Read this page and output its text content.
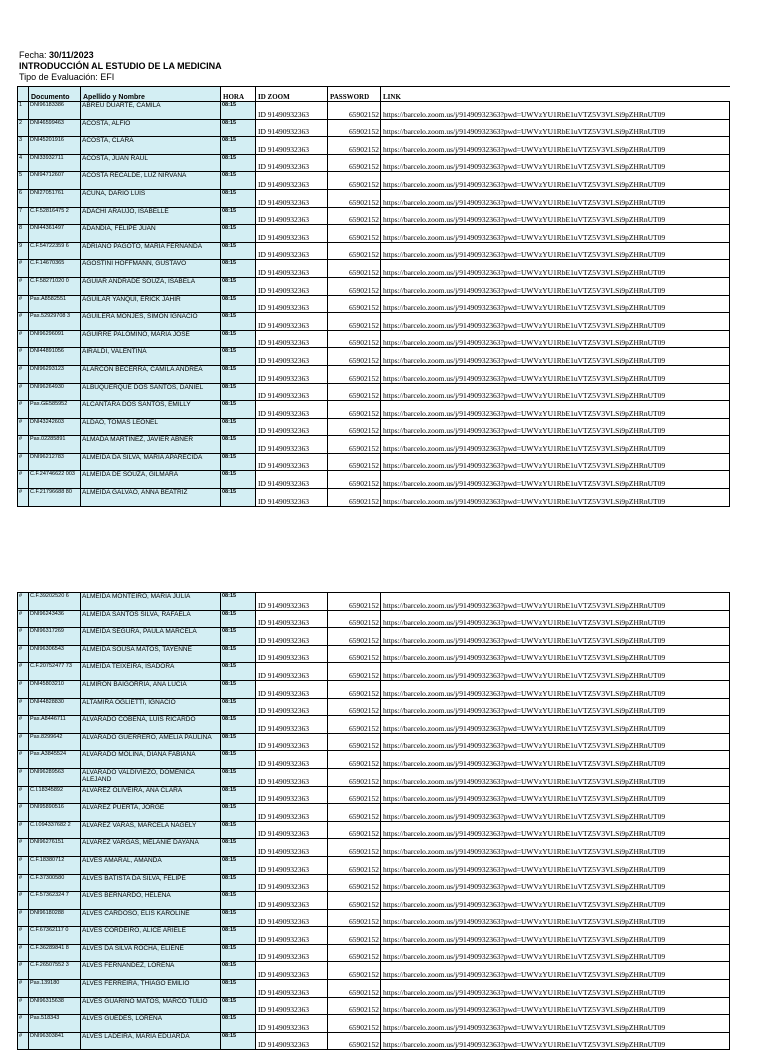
Fecha: 30/11/2023
INTRODUCCIÓN AL ESTUDIO DE LA MEDICINA
Tipo de Evaluación: EFI
	Documento	Apellido y Nombre	HORA	ID ZOOM	PASSWORD	LINK
1	DNI96183386	ABREU DUARTE, CAMILA	08:15	ID 91490932363	65902152	https://barcelo.zoom.us/j/91490932363?pwd=UWVzYU1RbE1uVTZ5V3VLSi9pZHRnUT09
2	DNI46599463	ACOSTA, ALFIO	08:15	ID 91490932363	65902152	https://barcelo.zoom.us/j/91490932363?pwd=UWVzYU1RbE1uVTZ5V3VLSi9pZHRnUT09
3	DNI45201916	ACOSTA, CLARA	08:15	ID 91490932363	65902152	https://barcelo.zoom.us/j/91490932363?pwd=UWVzYU1RbE1uVTZ5V3VLSi9pZHRnUT09
4	DNI33932711	ACOSTA, JUAN RAUL	08:15	ID 91490932363	65902152	https://barcelo.zoom.us/j/91490932363?pwd=UWVzYU1RbE1uVTZ5V3VLSi9pZHRnUT09
5	DNI94712607	ACOSTA RECALDE, LUZ NIRVANA	08:15	ID 91490932363	65902152	https://barcelo.zoom.us/j/91490932363?pwd=UWVzYU1RbE1uVTZ5V3VLSi9pZHRnUT09
6	DNI27051761	ACUÑA, DARIO LUIS	08:15	ID 91490932363	65902152	https://barcelo.zoom.us/j/91490932363?pwd=UWVzYU1RbE1uVTZ5V3VLSi9pZHRnUT09
7	C.F.52816475 2	ADACHI ARAUJO, ISABELLE	08:15	ID 91490932363	65902152	https://barcelo.zoom.us/j/91490932363?pwd=UWVzYU1RbE1uVTZ5V3VLSi9pZHRnUT09
8	DNI44361497	ADANDIA, FELIPE JUAN	08:15	ID 91490932363	65902152	https://barcelo.zoom.us/j/91490932363?pwd=UWVzYU1RbE1uVTZ5V3VLSi9pZHRnUT09
9	C.F.54722359 6	ADRIANO PAGOTO, MARIA FERNANDA	08:15	ID 91490932363	65902152	https://barcelo.zoom.us/j/91490932363?pwd=UWVzYU1RbE1uVTZ5V3VLSi9pZHRnUT09
#	C.F.14670365	AGOSTINI HOFFMANN, GUSTAVO	08:15	ID 91490932363	65902152	https://barcelo.zoom.us/j/91490932363?pwd=UWVzYU1RbE1uVTZ5V3VLSi9pZHRnUT09
#	C.F.58271020 0	AGUIAR ANDRADE SOUZA, ISABELA	08:15	ID 91490932363	65902152	https://barcelo.zoom.us/j/91490932363?pwd=UWVzYU1RbE1uVTZ5V3VLSi9pZHRnUT09
#	Pas.A8582551	AGUILAR YANQUI, ERICK JAHIR	08:15	ID 91490932363	65902152	https://barcelo.zoom.us/j/91490932363?pwd=UWVzYU1RbE1uVTZ5V3VLSi9pZHRnUT09
#	Pas.52929708 3	AGUILERA MONJES, SIMON IGNACIO	08:15	ID 91490932363	65902152	https://barcelo.zoom.us/j/91490932363?pwd=UWVzYU1RbE1uVTZ5V3VLSi9pZHRnUT09
#	DNI96296091	AGUIRRE PALOMINO, MARIA JOSE	08:15	ID 91490932363	65902152	https://barcelo.zoom.us/j/91490932363?pwd=UWVzYU1RbE1uVTZ5V3VLSi9pZHRnUT09
#	DNI44891056	AIRALDI, VALENTINA	08:15	ID 91490932363	65902152	https://barcelo.zoom.us/j/91490932363?pwd=UWVzYU1RbE1uVTZ5V3VLSi9pZHRnUT09
#	DNI96293123	ALARCON BECERRA, CAMILA ANDREA	08:15	ID 91490932363	65902152	https://barcelo.zoom.us/j/91490932363?pwd=UWVzYU1RbE1uVTZ5V3VLSi9pZHRnUT09
#	DNI96264930	ALBUQUERQUE DOS SANTOS, DANIEL	08:15	ID 91490932363	65902152	https://barcelo.zoom.us/j/91490932363?pwd=UWVzYU1RbE1uVTZ5V3VLSi9pZHRnUT09
#	Pas.GE585952	ALCANTARA DOS SANTOS, EMILLY	08:15	ID 91490932363	65902152	https://barcelo.zoom.us/j/91490932363?pwd=UWVzYU1RbE1uVTZ5V3VLSi9pZHRnUT09
#	DNI43242603	ALDAO, TOMAS LEONEL	08:15	ID 91490932363	65902152	https://barcelo.zoom.us/j/91490932363?pwd=UWVzYU1RbE1uVTZ5V3VLSi9pZHRnUT09
#	Pas.02285891	ALMADA MARTINEZ, JAVIER ABNER	08:15	ID 91490932363	65902152	https://barcelo.zoom.us/j/91490932363?pwd=UWVzYU1RbE1uVTZ5V3VLSi9pZHRnUT09
#	DNI96212783	ALMEIDA DA SILVA, MARIA APARECIDA	08:15	ID 91490932363	65902152	https://barcelo.zoom.us/j/91490932363?pwd=UWVzYU1RbE1uVTZ5V3VLSi9pZHRnUT09
#	C.F.24746622 003	ALMEIDA DE SOUZA, GILMARA	08:15	ID 91490932363	65902152	https://barcelo.zoom.us/j/91490932363?pwd=UWVzYU1RbE1uVTZ5V3VLSi9pZHRnUT09
#	C.F.21796688 80	ALMEIDA GALVAO, ANNA BEATRIZ	08:15	ID 91490932363	65902152	https://barcelo.zoom.us/j/91490932363?pwd=UWVzYU1RbE1uVTZ5V3VLSi9pZHRnUT09
#	C.F.39202520 6	ALMEIDA MONTEIRO, MARIA JULIA	08:15	ID 91490932363	65902152	https://barcelo.zoom.us/j/91490932363?pwd=UWVzYU1RbE1uVTZ5V3VLSi9pZHRnUT09
#	DNI96243436	ALMEIDA SANTOS SILVA, RAFAELA	08:15	ID 91490932363	65902152	https://barcelo.zoom.us/j/91490932363?pwd=UWVzYU1RbE1uVTZ5V3VLSi9pZHRnUT09
#	DNI96317269	ALMEIDA SEGURA, PAULA MARCELA	08:15	ID 91490932363	65902152	https://barcelo.zoom.us/j/91490932363?pwd=UWVzYU1RbE1uVTZ5V3VLSi9pZHRnUT09
#	DNI96306543	ALMEIDA SOUSA MATOS, TAYENNE	08:15	ID 91490932363	65902152	https://barcelo.zoom.us/j/91490932363?pwd=UWVzYU1RbE1uVTZ5V3VLSi9pZHRnUT09
#	C.F.20752477 73	ALMEIDA TEIXEIRA, ISADORA	08:15	ID 91490932363	65902152	https://barcelo.zoom.us/j/91490932363?pwd=UWVzYU1RbE1uVTZ5V3VLSi9pZHRnUT09
#	DNI45803210	ALMIRON BAIGORRIA, ANA LUCIA	08:15	ID 91490932363	65902152	https://barcelo.zoom.us/j/91490932363?pwd=UWVzYU1RbE1uVTZ5V3VLSi9pZHRnUT09
#	DNI44828830	ALTAMIRA OGLIETTI, IGNACIO	08:15	ID 91490932363	65902152	https://barcelo.zoom.us/j/91490932363?pwd=UWVzYU1RbE1uVTZ5V3VLSi9pZHRnUT09
#	Pas.A8446711	ALVARADO COBENA, LUIS RICARDO	08:15	ID 91490932363	65902152	https://barcelo.zoom.us/j/91490932363?pwd=UWVzYU1RbE1uVTZ5V3VLSi9pZHRnUT09
#	Pas.8299642	ALVARADO GUERRERO, AMELIA PAULINA	08:15	ID 91490932363	65902152	https://barcelo.zoom.us/j/91490932363?pwd=UWVzYU1RbE1uVTZ5V3VLSi9pZHRnUT09
#	Pas.A3845524	ALVARADO MOLINA, DIANA FABIANA	08:15	ID 91490932363	65902152	https://barcelo.zoom.us/j/91490932363?pwd=UWVzYU1RbE1uVTZ5V3VLSi9pZHRnUT09
#	DNI96289563	ALVARADO VALDIVIEZO, DOMÉNICA ALEJAND	08:15	ID 91490932363	65902152	https://barcelo.zoom.us/j/91490932363?pwd=UWVzYU1RbE1uVTZ5V3VLSi9pZHRnUT09
#	C.I.18345892	ALVAREZ OLIVEIRA, ANA CLARA	08:15	ID 91490932363	65902152	https://barcelo.zoom.us/j/91490932363?pwd=UWVzYU1RbE1uVTZ5V3VLSi9pZHRnUT09
#	DNI95890516	ALVAREZ PUERTA, JORGE	08:15	ID 91490932363	65902152	https://barcelo.zoom.us/j/91490932363?pwd=UWVzYU1RbE1uVTZ5V3VLSi9pZHRnUT09
#	C.I.094337682 2	ALVAREZ VARAS, MARCELA NAGELY	08:15	ID 91490932363	65902152	https://barcelo.zoom.us/j/91490932363?pwd=UWVzYU1RbE1uVTZ5V3VLSi9pZHRnUT09
#	DNI96276151	ALVAREZ VARGAS, MELANIE DAYANA	08:15	ID 91490932363	65902152	https://barcelo.zoom.us/j/91490932363?pwd=UWVzYU1RbE1uVTZ5V3VLSi9pZHRnUT09
#	C.F.18380712	ALVES AMARAL, AMANDA	08:15	ID 91490932363	65902152	https://barcelo.zoom.us/j/91490932363?pwd=UWVzYU1RbE1uVTZ5V3VLSi9pZHRnUT09
#	C.F.37300580	ALVES BATISTA DA SILVA, FELIPE	08:15	ID 91490932363	65902152	https://barcelo.zoom.us/j/91490932363?pwd=UWVzYU1RbE1uVTZ5V3VLSi9pZHRnUT09
#	C.F.57362324 7	ALVES BERNARDO, HELENA	08:15	ID 91490932363	65902152	https://barcelo.zoom.us/j/91490932363?pwd=UWVzYU1RbE1uVTZ5V3VLSi9pZHRnUT09
#	DNI96180288	ALVES CARDOSO, ELIS KAROLINE	08:15	ID 91490932363	65902152	https://barcelo.zoom.us/j/91490932363?pwd=UWVzYU1RbE1uVTZ5V3VLSi9pZHRnUT09
#	C.F.67362117 0	ALVES CORDEIRO, ALICE ARIELE	08:15	ID 91490932363	65902152	https://barcelo.zoom.us/j/91490932363?pwd=UWVzYU1RbE1uVTZ5V3VLSi9pZHRnUT09
#	C.F.36289841 8	ALVES DA SILVA ROCHA, ELIENE	08:15	ID 91490932363	65902152	https://barcelo.zoom.us/j/91490932363?pwd=UWVzYU1RbE1uVTZ5V3VLSi9pZHRnUT09
#	C.F.26507552 3	ALVES FERNANDEZ, LORENA	08:15	ID 91490932363	65902152	https://barcelo.zoom.us/j/91490932363?pwd=UWVzYU1RbE1uVTZ5V3VLSi9pZHRnUT09
#	Pas.139180	ALVES FERREIRA, THIAGO EMILIO	08:15	ID 91490932363	65902152	https://barcelo.zoom.us/j/91490932363?pwd=UWVzYU1RbE1uVTZ5V3VLSi9pZHRnUT09
#	DNI96315638	ALVES GUARINO MATOS, MARCO TULIO	08:15	ID 91490932363	65902152	https://barcelo.zoom.us/j/91490932363?pwd=UWVzYU1RbE1uVTZ5V3VLSi9pZHRnUT09
#	Pas.518343	ALVES GUEDES, LORENA	08:15	ID 91490932363	65902152	https://barcelo.zoom.us/j/91490932363?pwd=UWVzYU1RbE1uVTZ5V3VLSi9pZHRnUT09
#	DNI96303841	ALVES LADEIRA, MARIA EDUARDA	08:15	ID 91490932363	65902152	https://barcelo.zoom.us/j/91490932363?pwd=UWVzYU1RbE1uVTZ5V3VLSi9pZHRnUT09
